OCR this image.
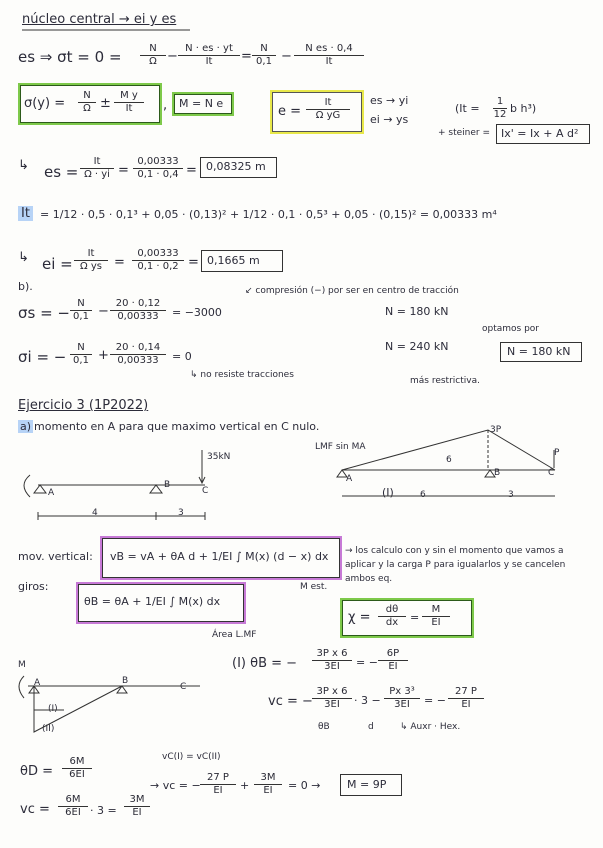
núcleo central → ei y es
es ⇒ $\sigma t = 0 = \frac{N}{\Omega} - \frac{N \cdot es \cdot yt}{It} = \frac{N}{0,1} - \frac{\text{N es · 0,4}}{It}$
$\sigma(y) = \frac{N}{\Omega} \pm \frac{\text{M y}}{It}$ , M = N e
$e = \frac{It}{\text{Ω yG}}$ es → yi
ei → ys
($It = \frac{1}{12}$ b h³)
+ steiner = Ix' = Ix + A d²
↳ es = $\frac{It}{\Omega \cdot yi} = \frac{0,00333}{0,1 \cdot 0,4} = 0,08325$ m
It = 1/12 · 0,5 · 0,1³ + 0,05 · (0,13)² + 1/12 · 0,1 · 0,5³ + 0,05 · (0,15)² = 0,00333 m⁴
↳ ei = $\frac{It}{\text{Ω ys}} = \frac{0,00333}{0,1 \cdot 0,2} = 0,1665$ m
b).	↙ compresión (−) por ser en centro de tracción
σs = − $\frac{N}{0,1} - \frac{20 \cdot 0,12}{0,00333} = -3000$
σi = − $\frac{N}{0,1} + \frac{20 \cdot 0,14}{0,00333} = 0$
↳ no resiste tracciones
N = 180 kN
N = 240 kN
optamos por
N = 180 kN
más restrictiva.
Ejercicio 3 (1P2022)
a) momento en A para que maximo vertical en C nulo.
35kN
LMF sin MA
A
B
C
4	3
3P
P
6
A
B	C
(I)	6	3
mov. vertical: vB = vA + θA d + 1/EI ∫ M(x) (d − x) dx → los calculo con y sin el momento que vamos a aplicar y la carga P para igualarlos y se cancelen ambos eq.
M est.
giros:
θB = θA + 1/EI ∫ M(x) dx
Área L.MF
$\chi = \frac{d\theta}{dx} = \frac{M}{EI}$
(I) θB = − $\frac{\text{3P x 6}}{3EI}$ = − $\frac{6P}{EI}$
vc = − $\frac{\text{3P x 6}}{3EI} \cdot 3 - \frac{\text{Px 3³}}{3EI}$ = − $\frac{27 P}{EI}$
θB	d	↳ Auxr · Hex.
M
A	B
C
(I)
(II)
$\theta D = \frac{6M}{6EI}$
vc = $\frac{6M}{6EI} \cdot 3 = \frac{3M}{EI}$
vC(I) = vC(II)
→ vc = − $\frac{27 P}{EI} + \frac{3M}{EI} = 0 \to M = 9P$
